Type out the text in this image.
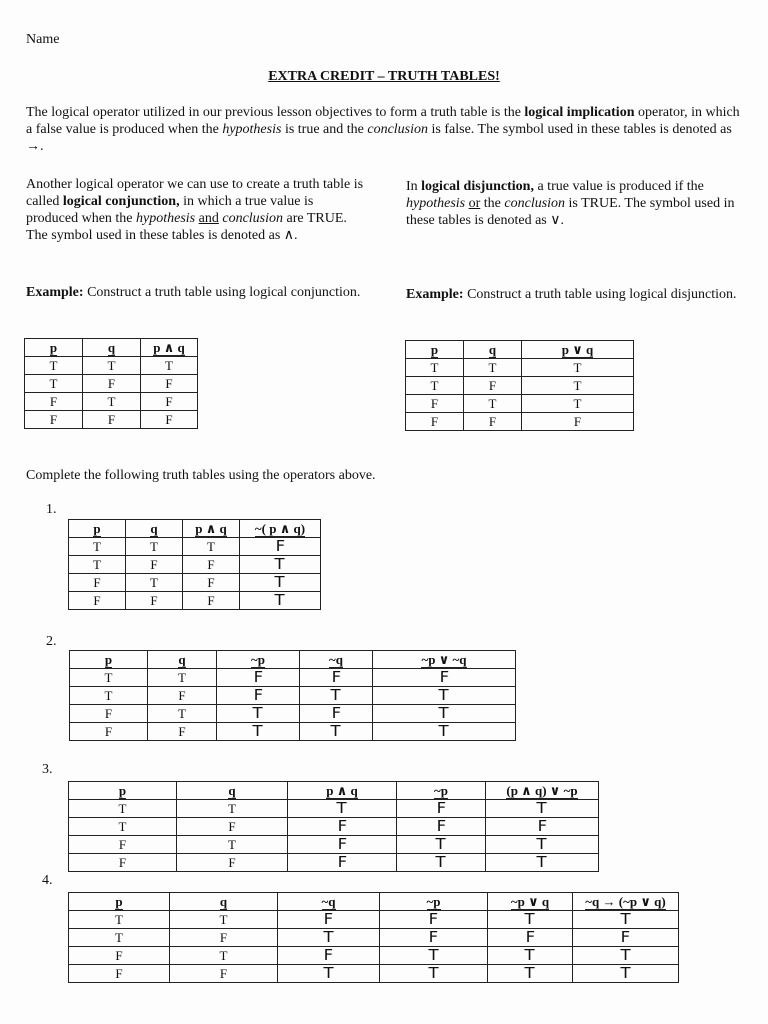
Name
EXTRA CREDIT – TRUTH TABLES!
The logical operator utilized in our previous lesson objectives to form a truth table is the logical implication operator, in which a false value is produced when the hypothesis is true and the conclusion is false. The symbol used in these tables is denoted as →.
Another logical operator we can use to create a truth table is called logical conjunction, in which a true value is produced when the hypothesis and conclusion are TRUE. The symbol used in these tables is denoted as ∧.
In logical disjunction, a true value is produced if the hypothesis or the conclusion is TRUE. The symbol used in these tables is denoted as ∨.
Example: Construct a truth table using logical conjunction.	Example: Construct a truth table using logical disjunction.
p	q	p ∧ q
T	T	T
T	F	F
F	T	F
F	F	F
p	q	p ∨ q
T	T	T
T	F	T
F	T	T
F	F	F
Complete the following truth tables using the operators above.
1.
p	q	p ∧ q	~( p ∧ q)
T	T	T	F
T	F	F	T
F	T	F	T
F	F	F	T
2.
p	q	~p	~q	~p ∨ ~q
T	T	F	F	F
T	F	F	T	T
F	T	T	F	T
F	F	T	T	T
3.
p	q	p ∧ q	~p	(p ∧ q) ∨ ~p
T	T	T	F	T
T	F	F	F	F
F	T	F	T	T
F	F	F	T	T
4.
p	q	~q	~p	~p ∨ q	~q → (~p ∨ q)
T	T	F	F	T	T
T	F	T	F	F	F
F	T	F	T	T	T
F	F	T	T	T	T
